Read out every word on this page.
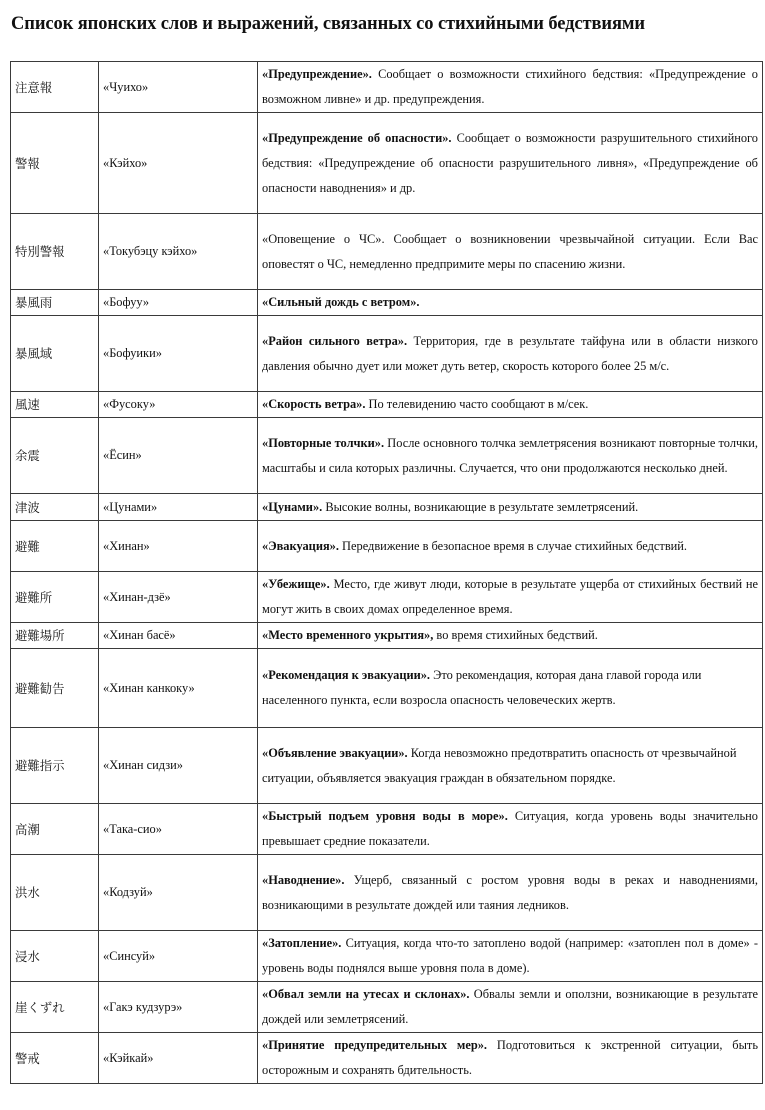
Список японских слов и выражений, связанных со стихийными бедствиями
注意報	«Чуихо»	«Предупреждение». Сообщает о возможности стихийного бедствия: «Предупреждение о возможном ливне» и др. предупреждения.
警報	«Кэйхо»	«Предупреждение об опасности». Сообщает о возможности разрушительного стихийного бедствия: «Предупреждение об опасности разрушительного ливня», «Предупреждение об опасности наводнения» и др.
特別警報	«Токубэцу кэйхо»	«Оповещение о ЧС». Сообщает о возникновении чрезвычайной ситуации. Если Вас оповестят о ЧС, немедленно предпримите меры по спасению жизни.
暴風雨	«Бофуу»	«Сильный дождь с ветром».
暴風域	«Бофуики»	«Район сильного ветра». Территория, где в результате тайфуна или в области низкого давления обычно дует или может дуть ветер, скорость которого более 25 м/с.
風速	«Фусоку»	«Скорость ветра». По телевидению часто сообщают в м/сек.
余震	«Ёсин»	«Повторные толчки». После основного толчка землетрясения возникают повторные толчки, масштабы и сила которых различны. Случается, что они продолжаются несколько дней.
津波	«Цунами»	«Цунами». Высокие волны, возникающие в результате землетрясений.
避難	«Хинан»	«Эвакуация». Передвижение в безопасное время в случае стихийных бедствий.
避難所	«Хинан-дзё»	«Убежище». Место, где живут люди, которые в результате ущерба от стихийных бествий не могут жить в своих домах определенное время.
避難場所	«Хинан басё»	«Место временного укрытия», во время стихийных бедствий.
避難勧告	«Хинан канкоку»	«Рекомендация к эвакуации». Это рекомендация, которая дана главой города или населенного пункта, если возросла опасность человеческих жертв.
避難指示	«Хинан сидзи»	«Объявление эвакуации». Когда невозможно предотвратить опасность от чрезвычайной ситуации, объявляется эвакуация граждан в обязательном порядке.
高潮	«Така-сио»	«Быстрый подъем уровня воды в море». Ситуация, когда уровень воды значительно превышает средние показатели.
洪水	«Кодзуй»	«Наводнение». Ущерб, связанный с ростом уровня воды в реках и наводнениями, возникающими в результате дождей или таяния ледников.
浸水	«Синсуй»	«Затопление». Ситуация, когда что-то затоплено водой (например: «затоплен пол в доме» - уровень воды поднялся выше уровня пола в доме).
崖くずれ	«Гакэ кудзурэ»	«Обвал земли на утесах и склонах». Обвалы земли и оползни, возникающие в результате дождей или землетрясений.
警戒	«Кэйкай»	«Принятие предупредительных мер». Подготовиться к экстренной ситуации, быть осторожным и сохранять бдительность.
